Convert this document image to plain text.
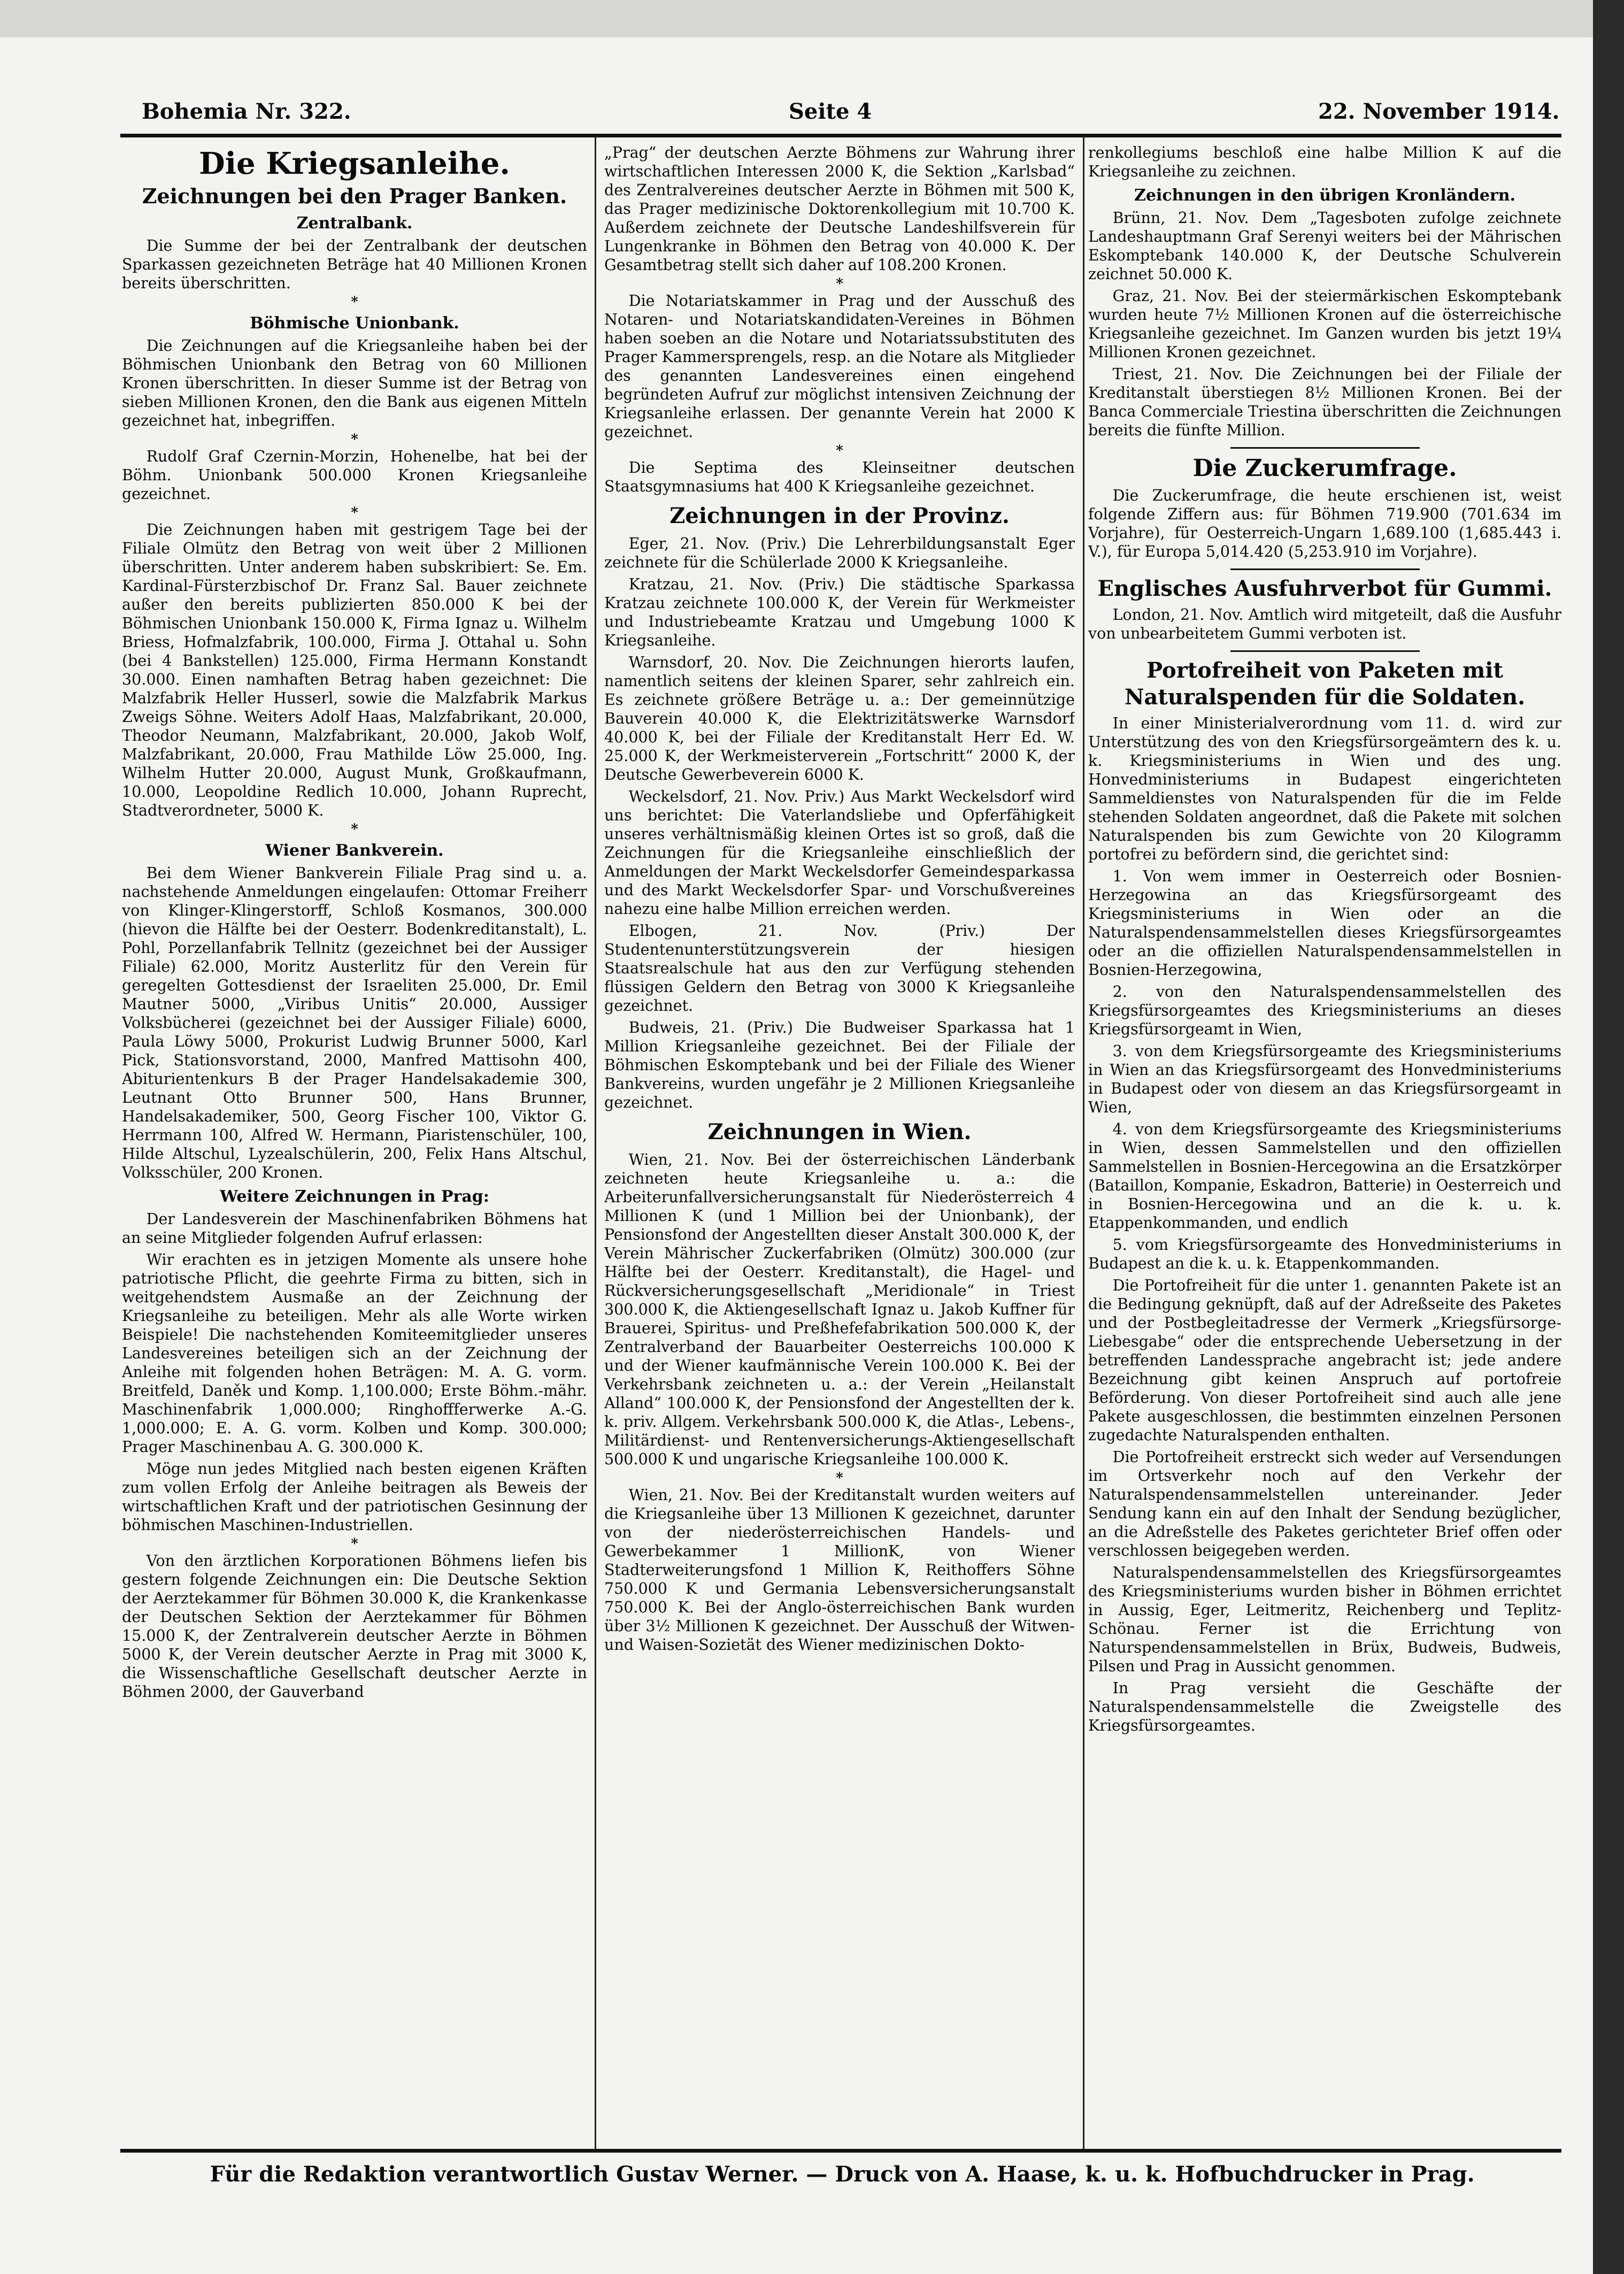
Bohemia Nr. 322.	Seite 4	22. November 1914.
Die Kriegsanleihe.
Zeichnungen bei den Prager Banken.
Zentralbank.
Die Summe der bei der Zentralbank der deutschen Sparkassen gezeichneten Beträge hat 40 Millionen Kronen bereits überschritten.
*
Böhmische Unionbank.
Die Zeichnungen auf die Kriegsanleihe haben bei der Böhmischen Unionbank den Betrag von 60 Millionen Kronen überschritten. In dieser Summe ist der Betrag von sieben Millionen Kronen, den die Bank aus eigenen Mitteln gezeichnet hat, inbegriffen.
*
Rudolf Graf Czernin-Morzin, Hohenelbe, hat bei der Böhm. Unionbank 500.000 Kronen Kriegsanleihe gezeichnet.
*
Die Zeichnungen haben mit gestrigem Tage bei der Filiale Olmütz den Betrag von weit über 2 Millionen überschritten. Unter anderem haben subskribiert: Se. Em. Kardinal-Fürsterzbischof Dr. Franz Sal. Bauer zeichnete außer den bereits publizierten 850.000 K bei der Böhmischen Unionbank 150.000 K, Firma Ignaz u. Wilhelm Briess, Hofmalzfabrik, 100.000, Firma J. Ottahal u. Sohn (bei 4 Bankstellen) 125.000, Firma Hermann Konstandt 30.000. Einen namhaften Betrag haben gezeichnet: Die Malzfabrik Heller Husserl, sowie die Malzfabrik Markus Zweigs Söhne. Weiters Adolf Haas, Malzfabrikant, 20.000, Theodor Neumann, Malzfabrikant, 20.000, Jakob Wolf, Malzfabrikant, 20.000, Frau Mathilde Löw 25.000, Ing. Wilhelm Hutter 20.000, August Munk, Großkaufmann, 10.000, Leopoldine Redlich 10.000, Johann Ruprecht, Stadtverordneter, 5000 K.
*
Wiener Bankverein.
Bei dem Wiener Bankverein Filiale Prag sind u. a. nachstehende Anmeldungen eingelaufen: Ottomar Freiherr von Klinger-Klingerstorff, Schloß Kosmanos, 300.000 (hievon die Hälfte bei der Oesterr. Bodenkreditanstalt), L. Pohl, Porzellanfabrik Tellnitz (gezeichnet bei der Aussiger Filiale) 62.000, Moritz Austerlitz für den Verein für geregelten Gottesdienst der Israeliten 25.000, Dr. Emil Mautner 5000, „Viribus Unitis“ 20.000, Aussiger Volksbücherei (gezeichnet bei der Aussiger Filiale) 6000, Paula Löwy 5000, Prokurist Ludwig Brunner 5000, Karl Pick, Stationsvorstand, 2000, Manfred Mattisohn 400, Abiturientenkurs B der Prager Handelsakademie 300, Leutnant Otto Brunner 500, Hans Brunner, Handelsakademiker, 500, Georg Fischer 100, Viktor G. Herrmann 100, Alfred W. Hermann, Piaristenschüler, 100, Hilde Altschul, Lyzealschülerin, 200, Felix Hans Altschul, Volksschüler, 200 Kronen.
Weitere Zeichnungen in Prag:
Der Landesverein der Maschinenfabriken Böhmens hat an seine Mitglieder folgenden Aufruf erlassen:
Wir erachten es in jetzigen Momente als unsere hohe patriotische Pflicht, die geehrte Firma zu bitten, sich in weitgehendstem Ausmaße an der Zeichnung der Kriegsanleihe zu beteiligen. Mehr als alle Worte wirken Beispiele! Die nachstehenden Komiteemitglieder unseres Landesvereines beteiligen sich an der Zeichnung der Anleihe mit folgenden hohen Beträgen: M. A. G. vorm. Breitfeld, Daněk und Komp. 1,100.000; Erste Böhm.-mähr. Maschinenfabrik 1,000.000; Ringhoffferwerke A.-G. 1,000.000; E. A. G. vorm. Kolben und Komp. 300.000; Prager Maschinenbau A. G. 300.000 K.
Möge nun jedes Mitglied nach besten eigenen Kräften zum vollen Erfolg der Anleihe beitragen als Beweis der wirtschaftlichen Kraft und der patriotischen Gesinnung der böhmischen Maschinen-Industriellen.
*
Von den ärztlichen Korporationen Böhmens liefen bis gestern folgende Zeichnungen ein: Die Deutsche Sektion der Aerztekammer für Böhmen 30.000 K, die Krankenkasse der Deutschen Sektion der Aerztekammer für Böhmen 15.000 K, der Zentralverein deutscher Aerzte in Böhmen 5000 K, der Verein deutscher Aerzte in Prag mit 3000 K, die Wissenschaftliche Gesellschaft deutscher Aerzte in Böhmen 2000, der Gauverband
„Prag“ der deutschen Aerzte Böhmens zur Wahrung ihrer wirtschaftlichen Interessen 2000 K, die Sektion „Karlsbad“ des Zentralvereines deutscher Aerzte in Böhmen mit 500 K, das Prager medizinische Doktorenkollegium mit 10.700 K. Außerdem zeichnete der Deutsche Landeshilfsverein für Lungenkranke in Böhmen den Betrag von 40.000 K. Der Gesamtbetrag stellt sich daher auf 108.200 Kronen.
*
Die Notariatskammer in Prag und der Ausschuß des Notaren- und Notariatskandidaten-Vereines in Böhmen haben soeben an die Notare und Notariatssubstituten des Prager Kammersprengels, resp. an die Notare als Mitglieder des genannten Landesvereines einen eingehend begründeten Aufruf zur möglichst intensiven Zeichnung der Kriegsanleihe erlassen. Der genannte Verein hat 2000 K gezeichnet.
*
Die Septima des Kleinseitner deutschen Staatsgymnasiums hat 400 K Kriegsanleihe gezeichnet.
Zeichnungen in der Provinz.
Eger, 21. Nov. (Priv.) Die Lehrerbildungsanstalt Eger zeichnete für die Schülerlade 2000 K Kriegsanleihe.
Kratzau, 21. Nov. (Priv.) Die städtische Sparkassa Kratzau zeichnete 100.000 K, der Verein für Werkmeister und Industriebeamte Kratzau und Umgebung 1000 K Kriegsanleihe.
Warnsdorf, 20. Nov. Die Zeichnungen hierorts laufen, namentlich seitens der kleinen Sparer, sehr zahlreich ein. Es zeichnete größere Beträge u. a.: Der gemeinnützige Bauverein 40.000 K, die Elektrizitätswerke Warnsdorf 40.000 K, bei der Filiale der Kreditanstalt Herr Ed. W. 25.000 K, der Werkmeisterverein „Fortschritt“ 2000 K, der Deutsche Gewerbeverein 6000 K.
Weckelsdorf, 21. Nov. Priv.) Aus Markt Weckelsdorf wird uns berichtet: Die Vaterlandsliebe und Opferfähigkeit unseres verhältnismäßig kleinen Ortes ist so groß, daß die Zeichnungen für die Kriegsanleihe einschließlich der Anmeldungen der Markt Weckelsdorfer Gemeindesparkassa und des Markt Weckelsdorfer Spar- und Vorschußvereines nahezu eine halbe Million erreichen werden.
Elbogen, 21. Nov. (Priv.) Der Studentenunterstützungsverein der hiesigen Staatsrealschule hat aus den zur Verfügung stehenden flüssigen Geldern den Betrag von 3000 K Kriegsanleihe gezeichnet.
Budweis, 21. (Priv.) Die Budweiser Sparkassa hat 1 Million Kriegsanleihe gezeichnet. Bei der Filiale der Böhmischen Eskomptebank und bei der Filiale des Wiener Bankvereins, wurden ungefähr je 2 Millionen Kriegsanleihe gezeichnet.
Zeichnungen in Wien.
Wien, 21. Nov. Bei der österreichischen Länderbank zeichneten heute Kriegsanleihe u. a.: die Arbeiterunfallversicherungsanstalt für Niederösterreich 4 Millionen K (und 1 Million bei der Unionbank), der Pensionsfond der Angestellten dieser Anstalt 300.000 K, der Verein Mährischer Zuckerfabriken (Olmütz) 300.000 (zur Hälfte bei der Oesterr. Kreditanstalt), die Hagel- und Rückversicherungsgesellschaft „Meridionale“ in Triest 300.000 K, die Aktiengesellschaft Ignaz u. Jakob Kuffner für Brauerei, Spiritus- und Preßhefefabrikation 500.000 K, der Zentralverband der Bauarbeiter Oesterreichs 100.000 K und der Wiener kaufmännische Verein 100.000 K. Bei der Verkehrsbank zeichneten u. a.: der Verein „Heilanstalt Alland“ 100.000 K, der Pensionsfond der Angestellten der k. k. priv. Allgem. Verkehrsbank 500.000 K, die Atlas-, Lebens-, Militärdienst- und Rentenversicherungs-Aktiengesellschaft 500.000 K und ungarische Kriegsanleihe 100.000 K.
*
Wien, 21. Nov. Bei der Kreditanstalt wurden weiters auf die Kriegsanleihe über 13 Millionen K gezeichnet, darunter von der niederösterreichischen Handels- und Gewerbekammer 1 MillionK, von Wiener Stadterweiterungsfond 1 Million K, Reithoffers Söhne 750.000 K und Germania Lebensversicherungsanstalt 750.000 K. Bei der Anglo-österreichischen Bank wurden über 3½ Millionen K gezeichnet. Der Ausschuß der Witwen- und Waisen-Sozietät des Wiener medizinischen Dokto-
renkollegiums beschloß eine halbe Million K auf die Kriegsanleihe zu zeichnen.
Zeichnungen in den übrigen Kronländern.
Brünn, 21. Nov. Dem „Tagesboten zufolge zeichnete Landeshauptmann Graf Serenyi weiters bei der Mährischen Eskomptebank 140.000 K, der Deutsche Schulverein zeichnet 50.000 K.
Graz, 21. Nov. Bei der steiermärkischen Eskomptebank wurden heute 7½ Millionen Kronen auf die österreichische Kriegsanleihe gezeichnet. Im Ganzen wurden bis jetzt 19¼ Millionen Kronen gezeichnet.
Triest, 21. Nov. Die Zeichnungen bei der Filiale der Kreditanstalt überstiegen 8½ Millionen Kronen. Bei der Banca Commerciale Triestina überschritten die Zeichnungen bereits die fünfte Million.
Die Zuckerumfrage.
Die Zuckerumfrage, die heute erschienen ist, weist folgende Ziffern aus: für Böhmen 719.900 (701.634 im Vorjahre), für Oesterreich-Ungarn 1,689.100 (1,685.443 i. V.), für Europa 5,014.420 (5,253.910 im Vorjahre).
Englisches Ausfuhrverbot für Gummi.
London, 21. Nov. Amtlich wird mitgeteilt, daß die Ausfuhr von unbearbeitetem Gummi verboten ist.
Portofreiheit von Paketen mit Naturalspenden für die Soldaten.
In einer Ministerialverordnung vom 11. d. wird zur Unterstützung des von den Kriegsfürsorgeämtern des k. u. k. Kriegsministeriums in Wien und des ung. Honvedministeriums in Budapest eingerichteten Sammeldienstes von Naturalspenden für die im Felde stehenden Soldaten angeordnet, daß die Pakete mit solchen Naturalspenden bis zum Gewichte von 20 Kilogramm portofrei zu befördern sind, die gerichtet sind:
1. Von wem immer in Oesterreich oder Bosnien-Herzegowina an das Kriegsfürsorgeamt des Kriegsministeriums in Wien oder an die Naturalspendensammelstellen dieses Kriegsfürsorgeamtes oder an die offiziellen Naturalspendensammelstellen in Bosnien-Herzegowina,
2. von den Naturalspendensammelstellen des Kriegsfürsorgeamtes des Kriegsministeriums an dieses Kriegsfürsorgeamt in Wien,
3. von dem Kriegsfürsorgeamte des Kriegsministeriums in Wien an das Kriegsfürsorgeamt des Honvedministeriums in Budapest oder von diesem an das Kriegsfürsorgeamt in Wien,
4. von dem Kriegsfürsorgeamte des Kriegsministeriums in Wien, dessen Sammelstellen und den offiziellen Sammelstellen in Bosnien-Hercegowina an die Ersatzkörper (Bataillon, Kompanie, Eskadron, Batterie) in Oesterreich und in Bosnien-Hercegowina und an die k. u. k. Etappenkommanden, und endlich
5. vom Kriegsfürsorgeamte des Honvedministeriums in Budapest an die k. u. k. Etappenkommanden.
Die Portofreiheit für die unter 1. genannten Pakete ist an die Bedingung geknüpft, daß auf der Adreßseite des Paketes und der Postbegleitadresse der Vermerk „Kriegsfürsorge-Liebesgabe“ oder die entsprechende Uebersetzung in der betreffenden Landessprache angebracht ist; jede andere Bezeichnung gibt keinen Anspruch auf portofreie Beförderung. Von dieser Portofreiheit sind auch alle jene Pakete ausgeschlossen, die bestimmten einzelnen Personen zugedachte Naturalspenden enthalten.
Die Portofreiheit erstreckt sich weder auf Versendungen im Ortsverkehr noch auf den Verkehr der Naturalspendensammelstellen untereinander. Jeder Sendung kann ein auf den Inhalt der Sendung bezüglicher, an die Adreßstelle des Paketes gerichteter Brief offen oder verschlossen beigegeben werden.
Naturalspendensammelstellen des Kriegsfürsorgeamtes des Kriegsministeriums wurden bisher in Böhmen errichtet in Aussig, Eger, Leitmeritz, Reichenberg und Teplitz-Schönau. Ferner ist die Errichtung von Naturspendensammelstellen in Brüx, Budweis, Budweis, Pilsen und Prag in Aussicht genommen.
In Prag versieht die Geschäfte der Naturalspendensammelstelle die Zweigstelle des Kriegsfürsorgeamtes.
Für die Redaktion verantwortlich Gustav Werner. — Druck von A. Haase, k. u. k. Hofbuchdrucker in Prag.
